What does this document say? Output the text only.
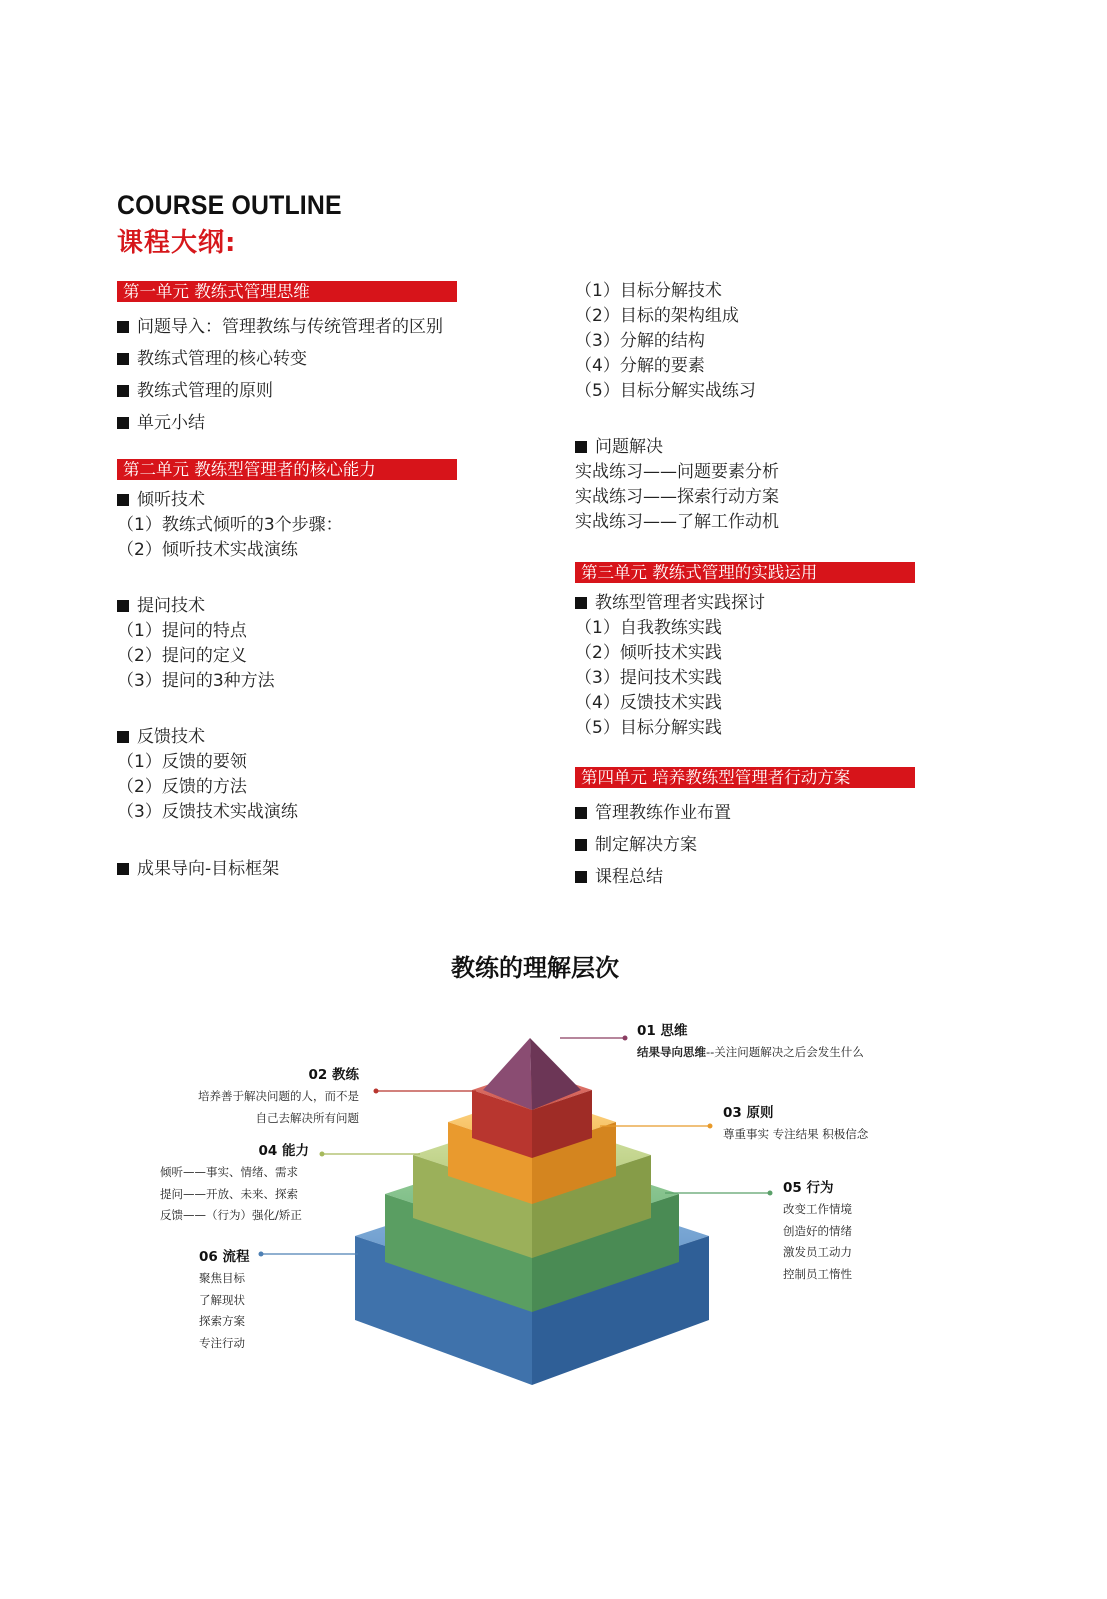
COURSE OUTLINE
课程大纲:
第一单元 教练式管理思维
问题导入：管理教练与传统管理者的区别
教练式管理的核心转变
教练式管理的原则
单元小结
第二单元 教练型管理者的核心能力
倾听技术
（1）教练式倾听的3个步骤：
（2）倾听技术实战演练
提问技术
（1）提问的特点
（2）提问的定义
（3）提问的3种方法
反馈技术
（1）反馈的要领
（2）反馈的方法
（3）反馈技术实战演练
成果导向-目标框架
（1）目标分解技术
（2）目标的架构组成
（3）分解的结构
（4）分解的要素
（5）目标分解实战练习
问题解决
实战练习——问题要素分析
实战练习——探索行动方案
实战练习——了解工作动机
第三单元 教练式管理的实践运用
教练型管理者实践探讨
（1）自我教练实践
（2）倾听技术实践
（3）提问技术实践
（4）反馈技术实践
（5）目标分解实践
第四单元 培养教练型管理者行动方案
管理教练作业布置
制定解决方案
课程总结
教练的理解层次
01 思维
结果导向思维--关注问题解决之后会发生什么
02 教练
培养善于解决问题的人，而不是
自己去解决所有问题	03 原则
尊重事实 专注结果 积极信念
04 能力
倾听——事实、情绪、需求
提问——开放、未来、探索
反馈——（行为）强化/矫正
05 行为
改变工作情境
创造好的情绪
激发员工动力
控制员工惰性
06 流程
聚焦目标
了解现状
探索方案
专注行动
